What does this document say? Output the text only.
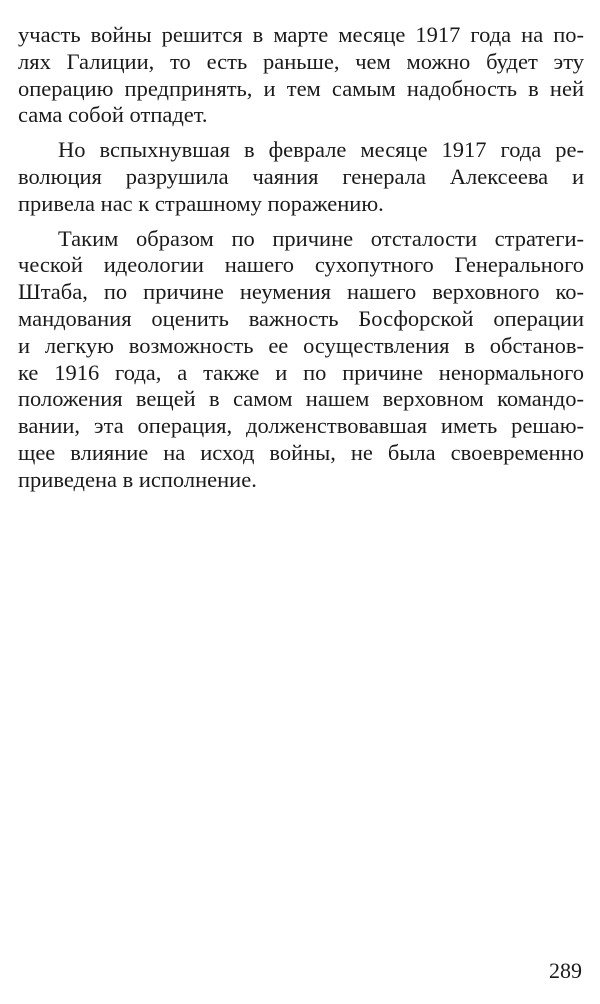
участь войны решится в марте месяце 1917 года на по-
лях Галиции, то есть раньше, чем можно будет эту
операцию предпринять, и тем самым надобность в ней
сама собой отпадет.
Но вспыхнувшая в феврале месяце 1917 года ре-
волюция разрушила чаяния генерала Алексеева и
привела нас к страшному поражению.
Таким образом по причине отсталости стратеги-
ческой идеологии нашего сухопутного Генерального
Штаба, по причине неумения нашего верховного ко-
мандования оценить важность Босфорской операции
и легкую возможность ее осуществления в обстанов-
ке 1916 года, а также и по причине ненормального
положения вещей в самом нашем верховном командо-
вании, эта операция, долженствовавшая иметь решаю-
щее влияние на исход войны, не была своевременно
приведена в исполнение.
289
